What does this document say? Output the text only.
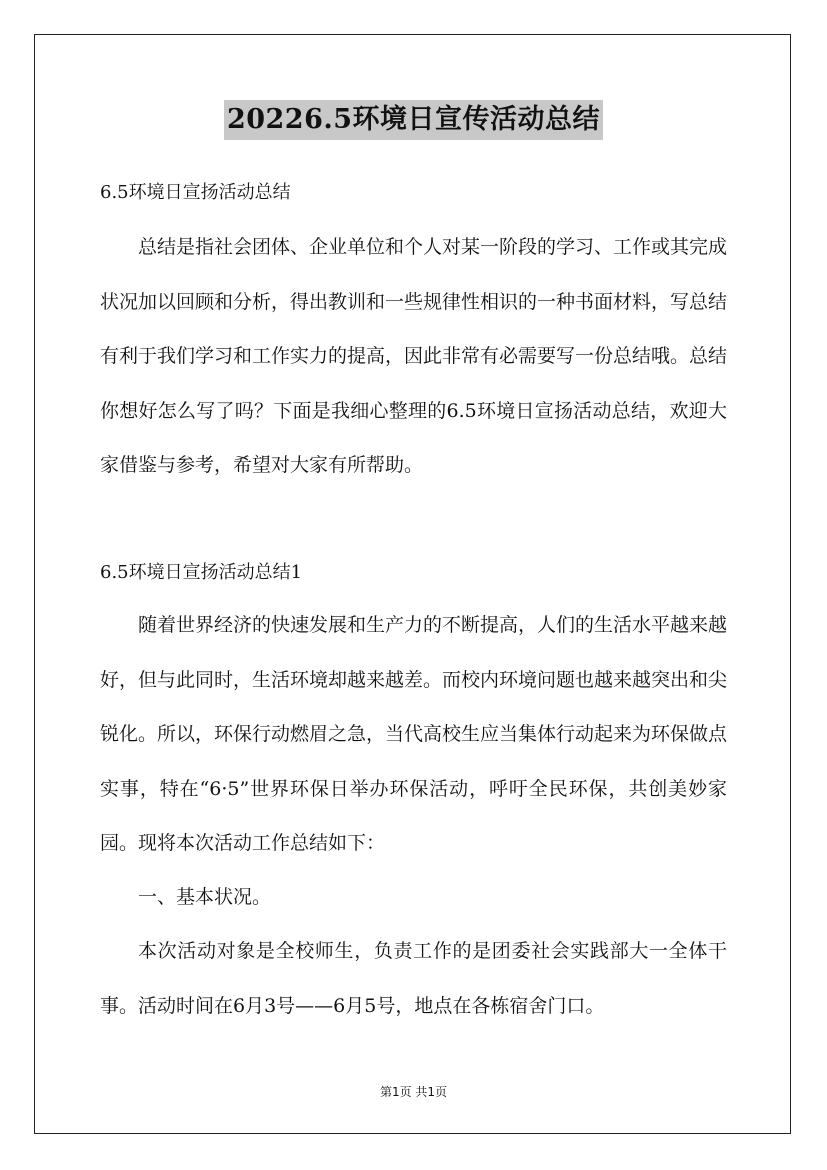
20226.5环境日宣传活动总结
6.5环境日宣扬活动总结

总结是指社会团体、企业单位和个人对某一阶段的学习、工作或其完成状况加以回顾和分析，得出教训和一些规律性相识的一种书面材料，写总结有利于我们学习和工作实力的提高，因此非常有必需要写一份总结哦。总结你想好怎么写了吗？下面是我细心整理的6.5环境日宣扬活动总结，欢迎大家借鉴与参考，希望对大家有所帮助。

6.5环境日宣扬活动总结1

随着世界经济的快速发展和生产力的不断提高，人们的生活水平越来越好，但与此同时，生活环境却越来越差。而校内环境问题也越来越突出和尖锐化。所以，环保行动燃眉之急，当代高校生应当集体行动起来为环保做点实事，特在“6·5”世界环保日举办环保活动，呼吁全民环保，共创美妙家园。现将本次活动工作总结如下：

一、基本状况。

本次活动对象是全校师生，负责工作的是团委社会实践部大一全体干事。活动时间在6月3号——6月5号，地点在各栋宿舍门口。

第1页 共1页
